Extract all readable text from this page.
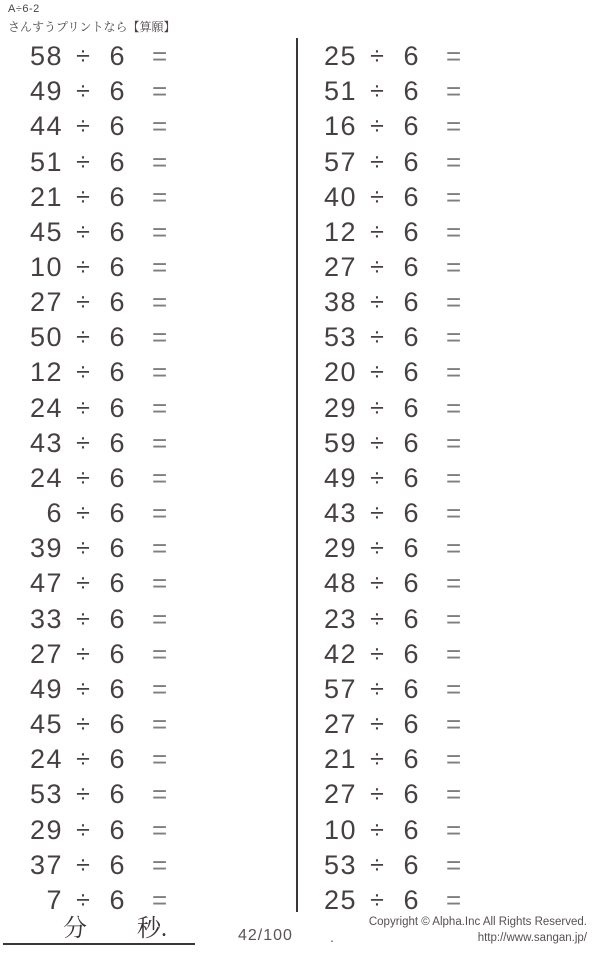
A÷6-2
さんすうプリントなら【算願】
58 ÷ 6 =
49 ÷ 6 =
44 ÷ 6 =
51 ÷ 6 =
21 ÷ 6 =
45 ÷ 6 =
10 ÷ 6 =
27 ÷ 6 =
50 ÷ 6 =
12 ÷ 6 =
24 ÷ 6 =
43 ÷ 6 =
24 ÷ 6 =
6 ÷ 6 =
39 ÷ 6 =
47 ÷ 6 =
33 ÷ 6 =
27 ÷ 6 =
49 ÷ 6 =
45 ÷ 6 =
24 ÷ 6 =
53 ÷ 6 =
29 ÷ 6 =
37 ÷ 6 =
7 ÷ 6 =
25 ÷ 6 =
51 ÷ 6 =
16 ÷ 6 =
57 ÷ 6 =
40 ÷ 6 =
12 ÷ 6 =
27 ÷ 6 =
38 ÷ 6 =
53 ÷ 6 =
20 ÷ 6 =
29 ÷ 6 =
59 ÷ 6 =
49 ÷ 6 =
43 ÷ 6 =
29 ÷ 6 =
48 ÷ 6 =
23 ÷ 6 =
42 ÷ 6 =
57 ÷ 6 =
27 ÷ 6 =
21 ÷ 6 =
27 ÷ 6 =
10 ÷ 6 =
53 ÷ 6 =
25 ÷ 6 =
分 秒.	42/100	.
Copyright © Alpha.Inc All Rights Reserved.
http://www.sangan.jp/
